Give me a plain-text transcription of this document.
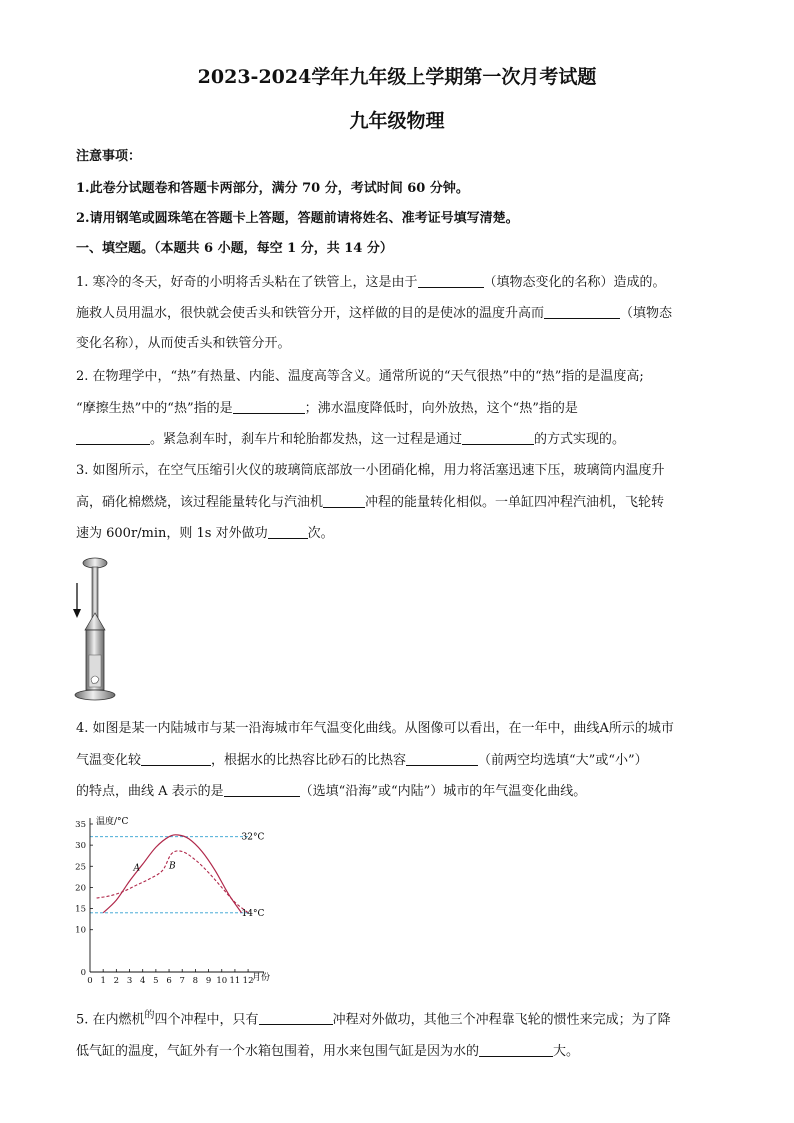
2023-2024学年九年级上学期第一次月考试题
九年级物理
注意事项：
1.此卷分试题卷和答题卡两部分，满分 70 分，考试时间 60 分钟。
2.请用钢笔或圆珠笔在答题卡上答题，答题前请将姓名、准考证号填写清楚。
一、填空题。（本题共 6 小题，每空 1 分，共 14 分）
1. 寒冷的冬天，好奇的小明将舌头粘在了铁管上，这是由于	（填物态变化的名称）造成的。
施救人员用温水，很快就会使舌头和铁管分开，这样做的目的是使冰的温度升高而	（填物态
变化名称），从而使舌头和铁管分开。
2. 在物理学中，“热”有热量、内能、温度高等含义。通常所说的“天气很热”中的“热”指的是温度高;
“摩擦生热”中的“热”指的是	；沸水温度降低时，向外放热，这个“热”指的是
。紧急刹车时，刹车片和轮胎都发热，这一过程是通过	的方式实现的。
3. 如图所示，在空气压缩引火仪的玻璃筒底部放一小团硝化棉，用力将活塞迅速下压，玻璃筒内温度升
高，硝化棉燃烧，该过程能量转化与汽油机	冲程的能量转化相似。一单缸四冲程汽油机，飞轮转
速为 600r/min，则 1s 对外做功	次。
4. 如图是某一内陆城市与某一沿海城市年气温变化曲线。从图像可以看出，在一年中，曲线A所示的城市
气温变化较	，根据水的比热容比砂石的比热容	（前两空均选填“大”或“小”）
的特点，曲线 A 表示的是	（选填“沿海”或“内陆”）城市的年气温变化曲线。
0
10
15
20
25
30
35
0 1 2 3 4 5 6 7 8 9 10 11 12
温度/°C
月份
32°C
14°C
A	B
5. 在内燃机$^的$四个冲程中，只有	冲程对外做功，其他三个冲程靠飞轮的惯性来完成；为了降
低气缸的温度，气缸外有一个水箱包围着，用水来包围气缸是因为水的	大。
